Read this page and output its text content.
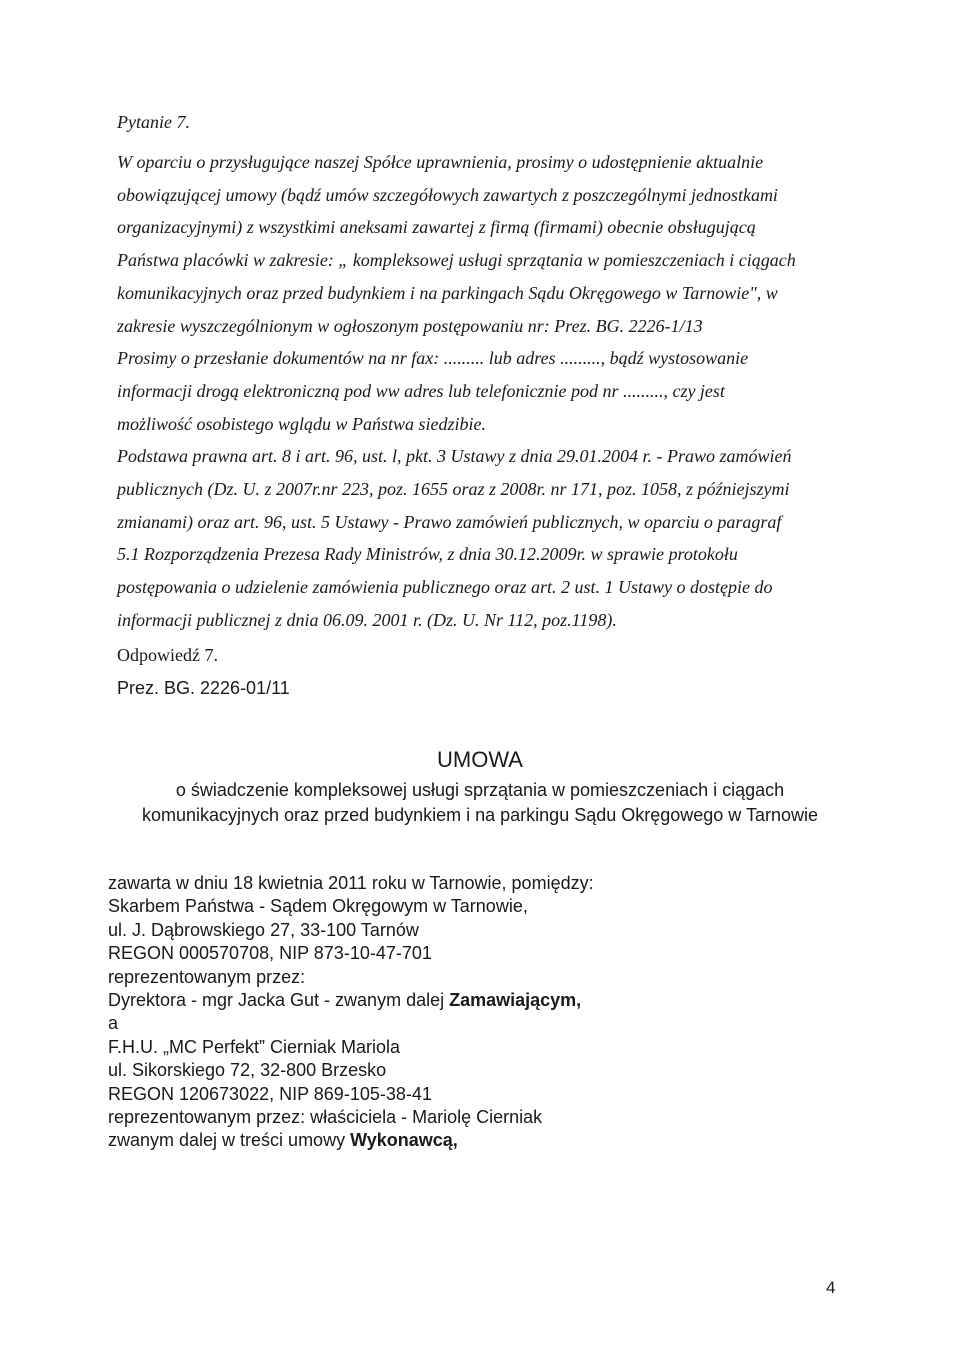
Pytanie 7.

W oparciu o przysługujące naszej Spółce uprawnienia, prosimy o udostępnienie aktualnie
obowiązującej umowy (bądź umów szczegółowych zawartych z poszczególnymi jednostkami
organizacyjnymi) z wszystkimi aneksami zawartej z firmą (firmami) obecnie obsługującą
Państwa placówki w zakresie: „ kompleksowej usługi sprzątania w pomieszczeniach i ciągach
komunikacyjnych oraz przed budynkiem i na parkingach Sądu Okręgowego w Tarnowie", w
zakresie wyszczególnionym w ogłoszonym postępowaniu nr: Prez. BG. 2226-1/13
Prosimy o przesłanie dokumentów na nr fax: ......... lub adres ........., bądź wystosowanie
informacji drogą elektroniczną pod ww adres lub telefonicznie pod nr ........., czy jest
możliwość osobistego wglądu w Państwa siedzibie.
Podstawa prawna art. 8 i art. 96, ust. l, pkt. 3 Ustawy z dnia 29.01.2004 r. - Prawo zamówień
publicznych (Dz. U. z 2007r.nr 223, poz. 1655 oraz z 2008r. nr 171, poz. 1058, z późniejszymi
zmianami) oraz art. 96, ust. 5 Ustawy - Prawo zamówień publicznych, w oparciu o paragraf
5.1 Rozporządzenia Prezesa Rady Ministrów, z dnia 30.12.2009r. w sprawie protokołu
postępowania o udzielenie zamówienia publicznego oraz art. 2 ust. 1 Ustawy o dostępie do
informacji publicznej z dnia 06.09. 2001 r. (Dz. U. Nr 112, poz.1198).

Odpowiedź 7.

Prez. BG. 2226-01/11

UMOWA

o świadczenie kompleksowej usługi sprzątania w pomieszczeniach i ciągach
komunikacyjnych oraz przed budynkiem i na parkingu Sądu Okręgowego w Tarnowie

zawarta w dniu 18 kwietnia 2011 roku w Tarnowie, pomiędzy:
Skarbem Państwa - Sądem Okręgowym w Tarnowie,
ul. J. Dąbrowskiego 27, 33-100 Tarnów
REGON 000570708, NIP 873-10-47-701
reprezentowanym przez:
Dyrektora - mgr Jacka Gut - zwanym dalej Zamawiającym,
a
F.H.U. „MC Perfekt” Cierniak Mariola
ul. Sikorskiego 72, 32-800 Brzesko
REGON 120673022, NIP 869-105-38-41
reprezentowanym przez: właściciela - Mariolę Cierniak
zwanym dalej w treści umowy Wykonawcą,

4
